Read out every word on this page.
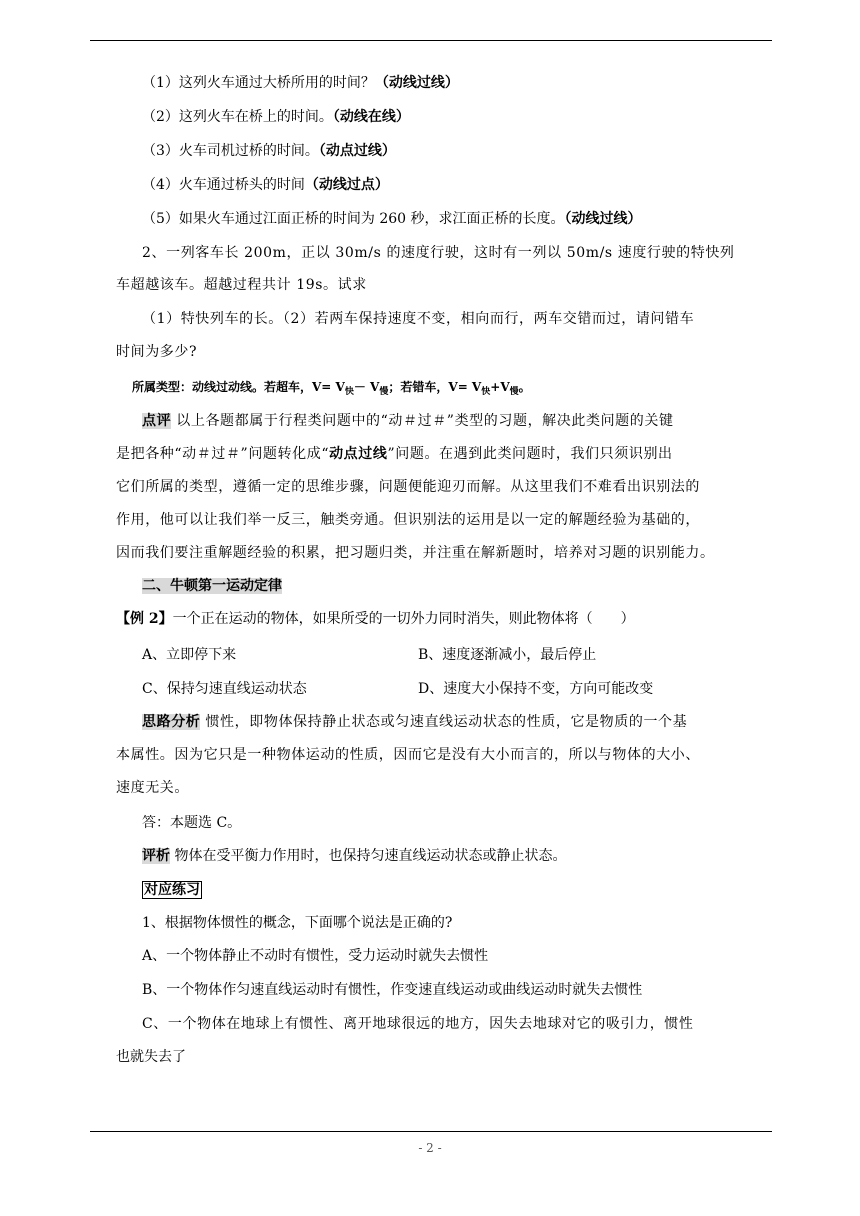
（1）这列火车通过大桥所用的时间？（动线过线）
（2）这列火车在桥上的时间。（动线在线）
（3）火车司机过桥的时间。（动点过线）
（4）火车通过桥头的时间（动线过点）
（5）如果火车通过江面正桥的时间为 260 秒，求江面正桥的长度。（动线过线）
2、一列客车长 200m，正以 30m/s 的速度行驶，这时有一列以 50m/s 速度行驶的特快列
车超越该车。超越过程共计 19s。试求
（1）特快列车的长。（2）若两车保持速度不变，相向而行，两车交错而过，请问错车
时间为多少?
所属类型：动线过动线。若超车，$V= V_快- V_慢$；若错车，$V= V_快+V_慢$。
点评 以上各题都属于行程类问题中的“动＃过＃”类型的习题，解决此类问题的关键
是把各种“动＃过＃”问题转化成“动点过线”问题。在遇到此类问题时，我们只须识别出
它们所属的类型，遵循一定的思维步骤，问题便能迎刃而解。从这里我们不难看出识别法的
作用，他可以让我们举一反三，触类旁通。但识别法的运用是以一定的解题经验为基础的，
因而我们要注重解题经验的积累，把习题归类，并注重在解新题时，培养对习题的识别能力。
二、牛顿第一运动定律
【例 2】一个正在运动的物体，如果所受的一切外力同时消失，则此物体将（　　）
A、立即停下来	B、速度逐渐减小，最后停止
C、保持匀速直线运动状态	D、速度大小保持不变，方向可能改变
思路分析 惯性，即物体保持静止状态或匀速直线运动状态的性质，它是物质的一个基
本属性。因为它只是一种物体运动的性质，因而它是没有大小而言的，所以与物体的大小、
速度无关。
答：本题选 C。
评析 物体在受平衡力作用时，也保持匀速直线运动状态或静止状态。
对应练习
1、根据物体惯性的概念，下面哪个说法是正确的?
A、一个物体静止不动时有惯性，受力运动时就失去惯性
B、一个物体作匀速直线运动时有惯性，作变速直线运动或曲线运动时就失去惯性
C、一个物体在地球上有惯性、离开地球很远的地方，因失去地球对它的吸引力，惯性
也就失去了
- 2 -
